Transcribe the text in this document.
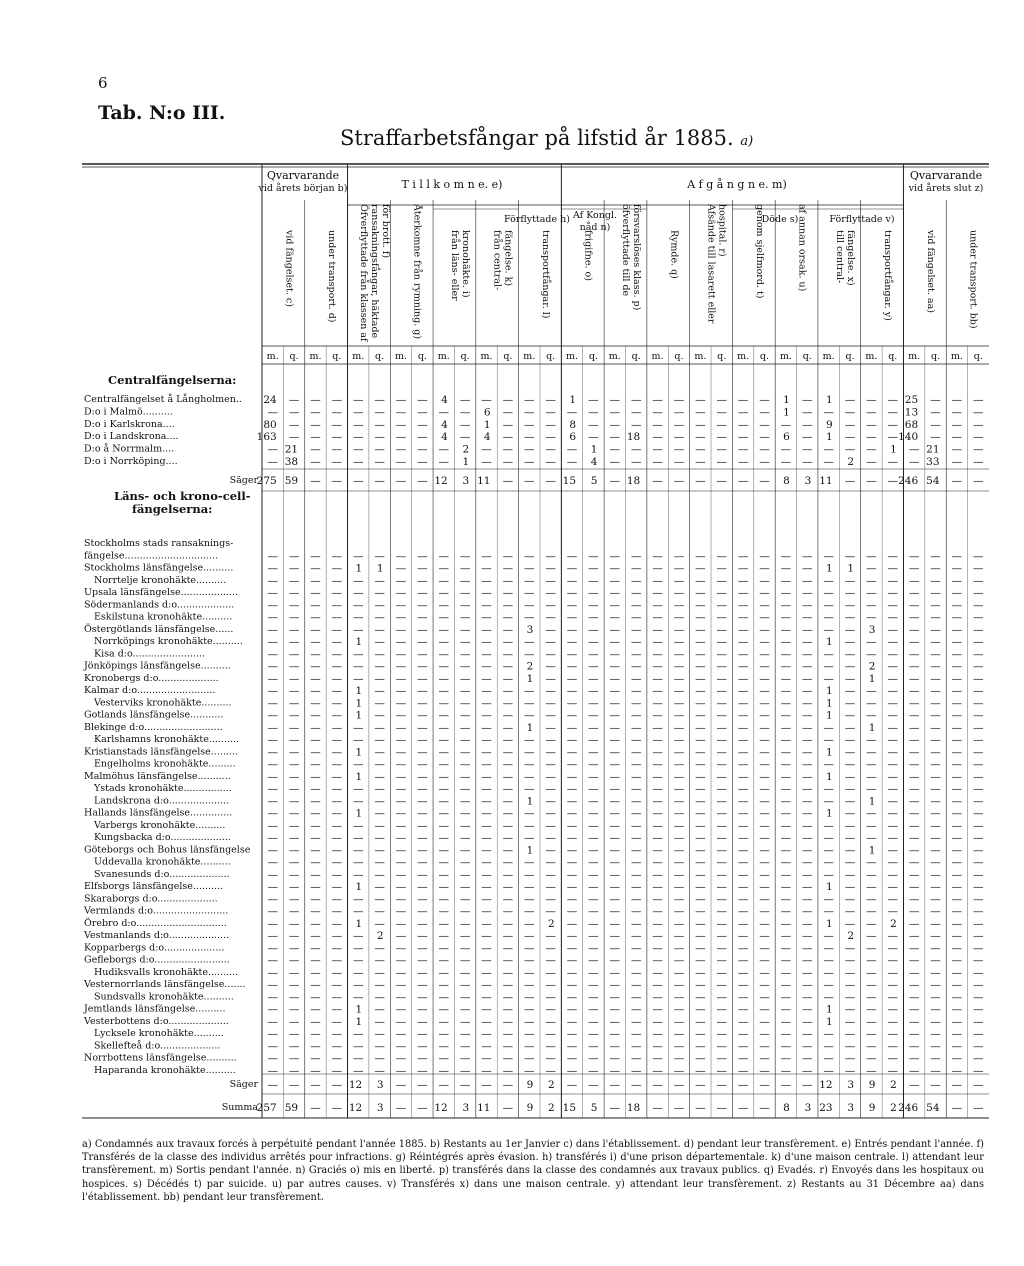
6
Tab. N:o III.
Straffarbetsfångar på lifstid år 1885. a)
Qvarvarande
vid årets början b)	T i l l k o m n e. e)	A f g å n g n e. m)
Qvarvarande
vid årets slut z)
Förflyttade h) Af Kongl.
nåd n)
Döde s)	Förflyttade v)
vid fängelset. c)	under transport. d) Öfverflyttade från klassen af ransakningsfångar, häktade för brott. f) Återkomne från rymning. g)	från läns- eller kronohäkte. i) från central- fängelse. k)	transportfångar. l)	frigifne. o)	öfverflyttade till de försvarslöses klass. p)	Rymde. q)	Afsände till lasarett eller hospital. r)	genom sjelfmord. t)	af annan orsak. u)	till central- fängelse. x)	transportfångar. y)	vid fängelset. aa)	under transport. bb)
m. q. m. q. m. q. m. q. m. q. m. q. m. q. m. q. m. q. m. q. m. q. m. q. m. q. m. q. m. q. m. q. m. q.
Centralfängelserna:
Läns- och krono-cell-
fängelserna:
Centralfängelset å Långholmen.. 24 — — — — — — — 4 — — — — — 1 — — — — — — — — — 1 — 1 — — — 25 — — —
D:o i Malmö..........	— — — — — — — — — — 6 — — — — — — — — — — — — — 1 — — — — — 13 — — —
D:o i Karlskrona....	80 — — — — — — — 4 — 1 — — — 8 — — — — — — — — — — — 9 — — — 68 — — —
D:o i Landskrona....	163 — — — — — — — 4 — 4 — — — 6 — — 18 — — — — — — 6 — 1 — — — 140 — — —
D:o å Norrmalm....	— 21 — — — — — — — 2 — — — — — 1 — — — — — — — — — — — — — 1 — 21 — —
D:o i Norrköping....	— 38 — — — — — — — 1 — — — — — 4 — — — — — — — — — — — 2 — — — 33 — —
Säger
275 59 — — — — — — 12 3 11 — — — 15 5 — 18 — — — — — — 8 3 11 — — — 246 54 — —
Stockholms stads ransaknings-
fängelse...............................	— — — — — — — — — — — — — — — — — — — — — — — — — — — — — — — — — —
Stockholms länsfängelse..........	— — — — 1 1 — — — — — — — — — — — — — — — — — — — — 1 1 — — — — — —
Norrtelje kronohäkte..........	— — — — — — — — — — — — — — — — — — — — — — — — — — — — — — — — — —
Upsala länsfängelse...................	— — — — — — — — — — — — — — — — — — — — — — — — — — — — — — — — — —
Södermanlands d:o...................	— — — — — — — — — — — — — — — — — — — — — — — — — — — — — — — — — —
Eskilstuna kronohäkte..........	— — — — — — — — — — — — — — — — — — — — — — — — — — — — — — — — — —
Östergötlands länsfängelse......	— — — — — — — — — — — — 3 — — — — — — — — — — — — — — — 3 — — — — —
Norrköpings kronohäkte.......... — — — — 1 — — — — — — — — — — — — — — — — — — — — — 1 — — — — — — —
Kisa d:o........................	— — — — — — — — — — — — — — — — — — — — — — — — — — — — — — — — — —
Jönköpings länsfängelse..........	— — — — — — — — — — — — 2 — — — — — — — — — — — — — — — 2 — — — — —
Kronobergs d:o....................	— — — — — — — — — — — — 1 — — — — — — — — — — — — — — — 1 — — — — —
Kalmar d:o..........................	— — — — 1 — — — — — — — — — — — — — — — — — — — — — 1 — — — — — — —
Vesterviks kronohäkte..........	— — — — 1 — — — — — — — — — — — — — — — — — — — — — 1 — — — — — — —
Gotlands länsfängelse...........	— — — — 1 — — — — — — — — — — — — — — — — — — — — — 1 — — — — — — —
Blekinge d:o..........................	— — — — — — — — — — — — 1 — — — — — — — — — — — — — — — 1 — — — — —
Karlshamns kronohäkte..........	— — — — — — — — — — — — — — — — — — — — — — — — — — — — — — — — — —
Kristianstads länsfängelse.........	— — — — 1 — — — — — — — — — — — — — — — — — — — — — 1 — — — — — — —
Engelholms kronohäkte.........	— — — — — — — — — — — — — — — — — — — — — — — — — — — — — — — — — —
Malmöhus länsfängelse...........	— — — — 1 — — — — — — — — — — — — — — — — — — — — — 1 — — — — — — —
Ystads kronohäkte................	— — — — — — — — — — — — — — — — — — — — — — — — — — — — — — — — — —
Landskrona d:o....................	— — — — — — — — — — — — 1 — — — — — — — — — — — — — — — 1 — — — — —
Hallands länsfängelse..............	— — — — 1 — — — — — — — — — — — — — — — — — — — — — 1 — — — — — — —
Varbergs kronohäkte..........	— — — — — — — — — — — — — — — — — — — — — — — — — — — — — — — — — —
Kungsbacka d:o....................	— — — — — — — — — — — — — — — — — — — — — — — — — — — — — — — — — —
Göteborgs och Bohus länsfängelse — — — — — — — — — — — — 1 — — — — — — — — — — — — — — — 1 — — — — —
Uddevalla kronohäkte..........	— — — — — — — — — — — — — — — — — — — — — — — — — — — — — — — — — —
Svanesunds d:o....................	— — — — — — — — — — — — — — — — — — — — — — — — — — — — — — — — — —
Elfsborgs länsfängelse..........	— — — — 1 — — — — — — — — — — — — — — — — — — — — — 1 — — — — — — —
Skaraborgs d:o....................	— — — — — — — — — — — — — — — — — — — — — — — — — — — — — — — — — —
Vermlands d:o.........................	— — — — — — — — — — — — — — — — — — — — — — — — — — — — — — — — — —
Örebro d:o..............................	— — — — 1 — — — — — — — — 2 — — — — — — — — — — — — 1 — — 2 — — — —
Vestmanlands d:o....................	— — — — — 2 — — — — — — — — — — — — — — — — — — — — — 2 — — — — — —
Kopparbergs d:o....................	— — — — — — — — — — — — — — — — — — — — — — — — — — — — — — — — — —
Gefleborgs d:o.........................	— — — — — — — — — — — — — — — — — — — — — — — — — — — — — — — — — —
Hudiksvalls kronohäkte..........	— — — — — — — — — — — — — — — — — — — — — — — — — — — — — — — — — —
Vesternorrlands länsfängelse....... — — — — — — — — — — — — — — — — — — — — — — — — — — — — — — — — — —
Sundsvalls kronohäkte..........	— — — — — — — — — — — — — — — — — — — — — — — — — — — — — — — — — —
Jemtlands länsfängelse..........	— — — — 1 — — — — — — — — — — — — — — — — — — — — — 1 — — — — — — —
Vesterbottens d:o....................	— — — — 1 — — — — — — — — — — — — — — — — — — — — — 1 — — — — — — —
Lycksele kronohäkte..........	— — — — — — — — — — — — — — — — — — — — — — — — — — — — — — — — — —
Skellefteå d:o....................	— — — — — — — — — — — — — — — — — — — — — — — — — — — — — — — — — —
Norrbottens länsfängelse..........	— — — — — — — — — — — — — — — — — — — — — — — — — — — — — — — — — —
Haparanda kronohäkte..........	— — — — — — — — — — — — — — — — — — — — — — — — — — — — — — — — — —
Säger — — — — 12 3 — — — — — — 9 2 — — — — — — — — — — — — 12 3 9 2 — — — —
Summa
257 59 — — 12 3 — — 12 3 11 — 9 2 15 5 — 18 — — — — — — 8 3 23 3 9 2 246 54 — —
a) Condamnés aux travaux forcés à perpétuité pendant l'année 1885. b) Restants au 1er Janvier c) dans l'établissement. d) pendant leur transfèrement. e) Entrés pendant l'année. f) Transférés de la classe des individus arrêtés pour infractions. g) Réintégrés après évasion. h) transférés i) d'une prison départementale. k) d'une maison centrale. l) attendant leur transfèrement. m) Sortis pendant l'année. n) Graciés o) mis en liberté. p) transférés dans la classe des condamnés aux travaux publics. q) Evadés. r) Envoyés dans les hospitaux ou hospices. s) Décédés t) par suicide. u) par autres causes. v) Transférés x) dans une maison centrale. y) attendant leur transfèrement. z) Restants au 31 Décembre aa) dans l'établissement. bb) pendant leur transfèrement.
